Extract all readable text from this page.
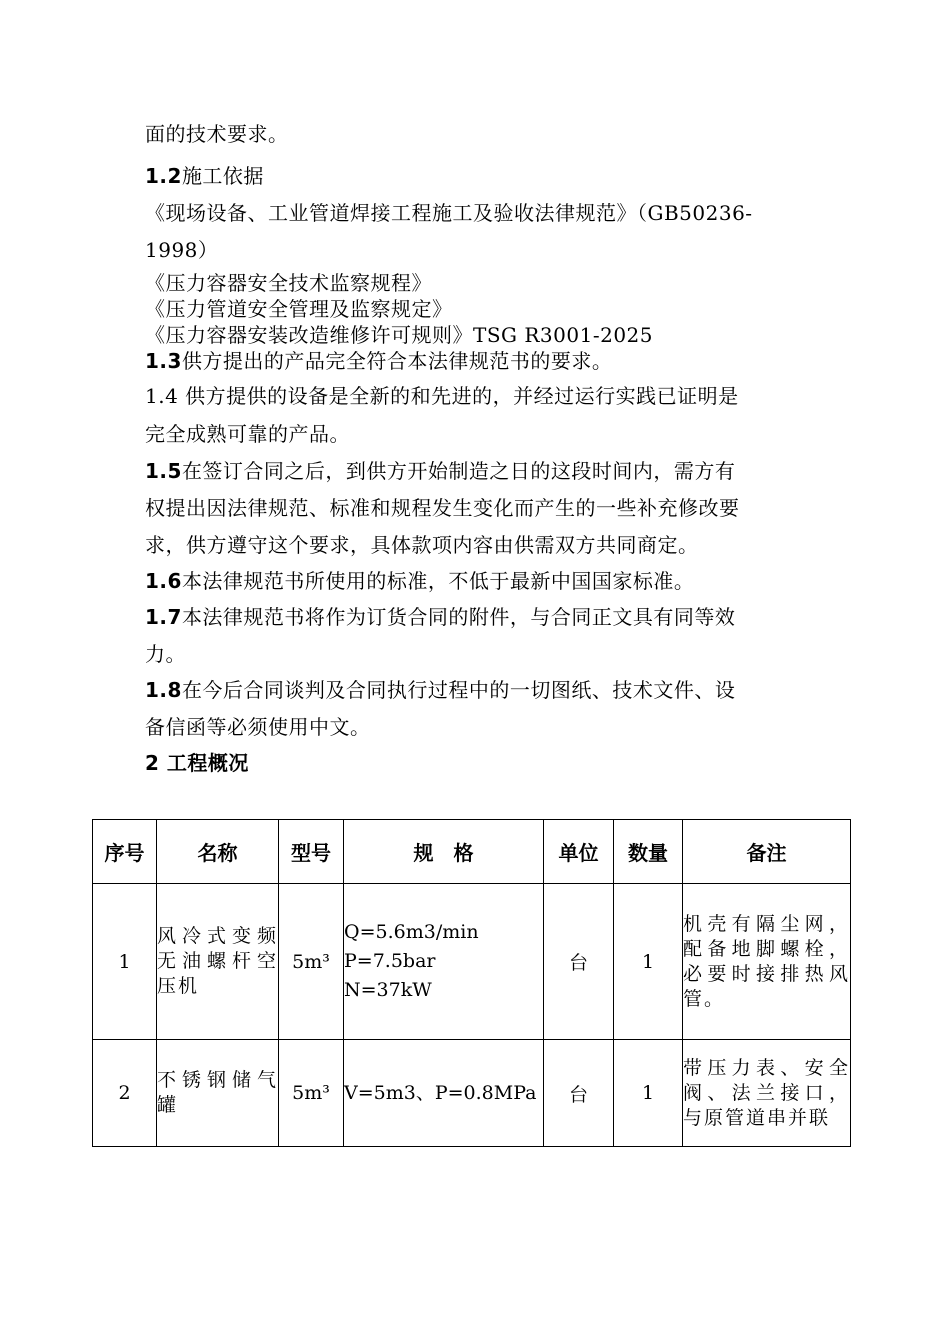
面的技术要求。
1.2施工依据
《现场设备、工业管道焊接工程施工及验收法律规范》（GB50236-
1998）
《压力容器安全技术监察规程》
《压力管道安全管理及监察规定》
《压力容器安装改造维修许可规则》TSG R3001-2025
1.3供方提出的产品完全符合本法律规范书的要求。
1.4 供方提供的设备是全新的和先进的，并经过运行实践已证明是
完全成熟可靠的产品。
1.5在签订合同之后，到供方开始制造之日的这段时间内，需方有
权提出因法律规范、标准和规程发生变化而产生的一些补充修改要
求，供方遵守这个要求，具体款项内容由供需双方共同商定。
1.6本法律规范书所使用的标准，不低于最新中国国家标准。
1.7本法律规范书将作为订货合同的附件，与合同正文具有同等效
力。
1.8在今后合同谈判及合同执行过程中的一切图纸、技术文件、设
备信函等必须使用中文。
2 工程概况
序号	名称	型号	规　格	单位	数量	备注
1	风冷式变频无油螺杆空压机	5m³	Q=5.6m3/min
P=7.5bar
N=37kW	台	1	机壳有隔尘网，配备地脚螺栓，必要时接排热风管。
2	不锈钢储气罐	5m³	V=5m3、P=0.8MPa	台	1	带压力表、安全阀、法兰接口，与原管道串并联
